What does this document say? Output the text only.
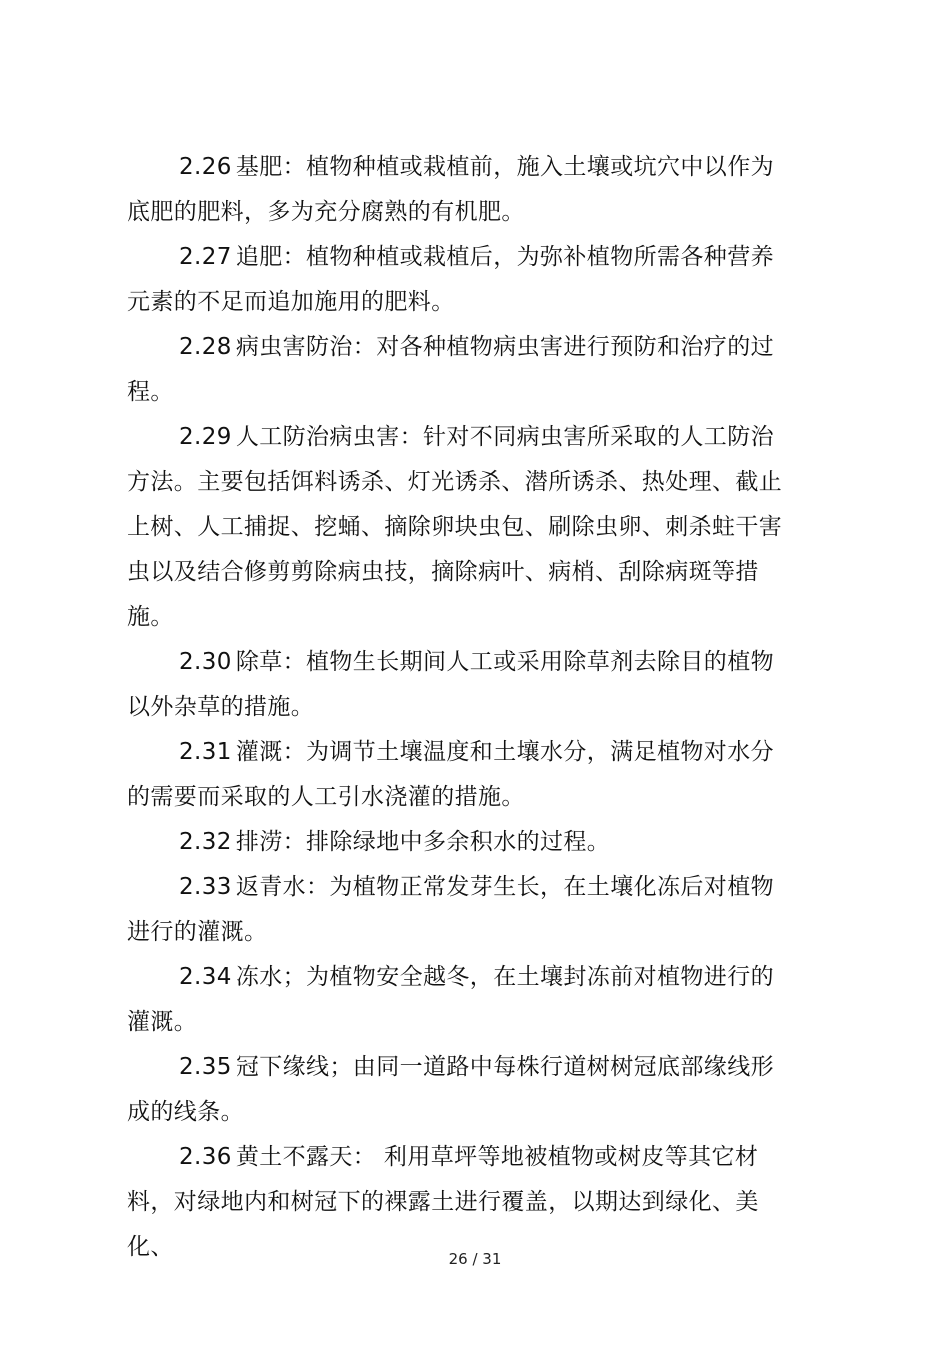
2.26 基肥：植物种植或栽植前，施入土壤或坑穴中以作为底肥的肥料，多为充分腐熟的有机肥。

2.27 追肥：植物种植或栽植后，为弥补植物所需各种营养元素的不足而追加施用的肥料。

2.28 病虫害防治：对各种植物病虫害进行预防和治疗的过程。

2.29 人工防治病虫害：针对不同病虫害所采取的人工防治方法。主要包括饵料诱杀、灯光诱杀、潜所诱杀、热处理、截止上树、人工捕捉、挖蛹、摘除卵块虫包、刷除虫卵、刺杀蛀干害虫以及结合修剪剪除病虫技，摘除病叶、病梢、刮除病斑等措施。

2.30 除草：植物生长期间人工或采用除草剂去除目的植物以外杂草的措施。

2.31 灌溉：为调节土壤温度和土壤水分，满足植物对水分的需要而采取的人工引水浇灌的措施。

2.32 排涝：排除绿地中多余积水的过程。

2.33 返青水：为植物正常发芽生长，在土壤化冻后对植物进行的灌溉。

2.34 冻水；为植物安全越冬，在土壤封冻前对植物进行的灌溉。

2.35 冠下缘线；由同一道路中每株行道树树冠底部缘线形成的线条。

2.36 黄土不露天： 利用草坪等地被植物或树皮等其它材料，对绿地内和树冠下的裸露土进行覆盖，以期达到绿化、美化、	26 / 31
